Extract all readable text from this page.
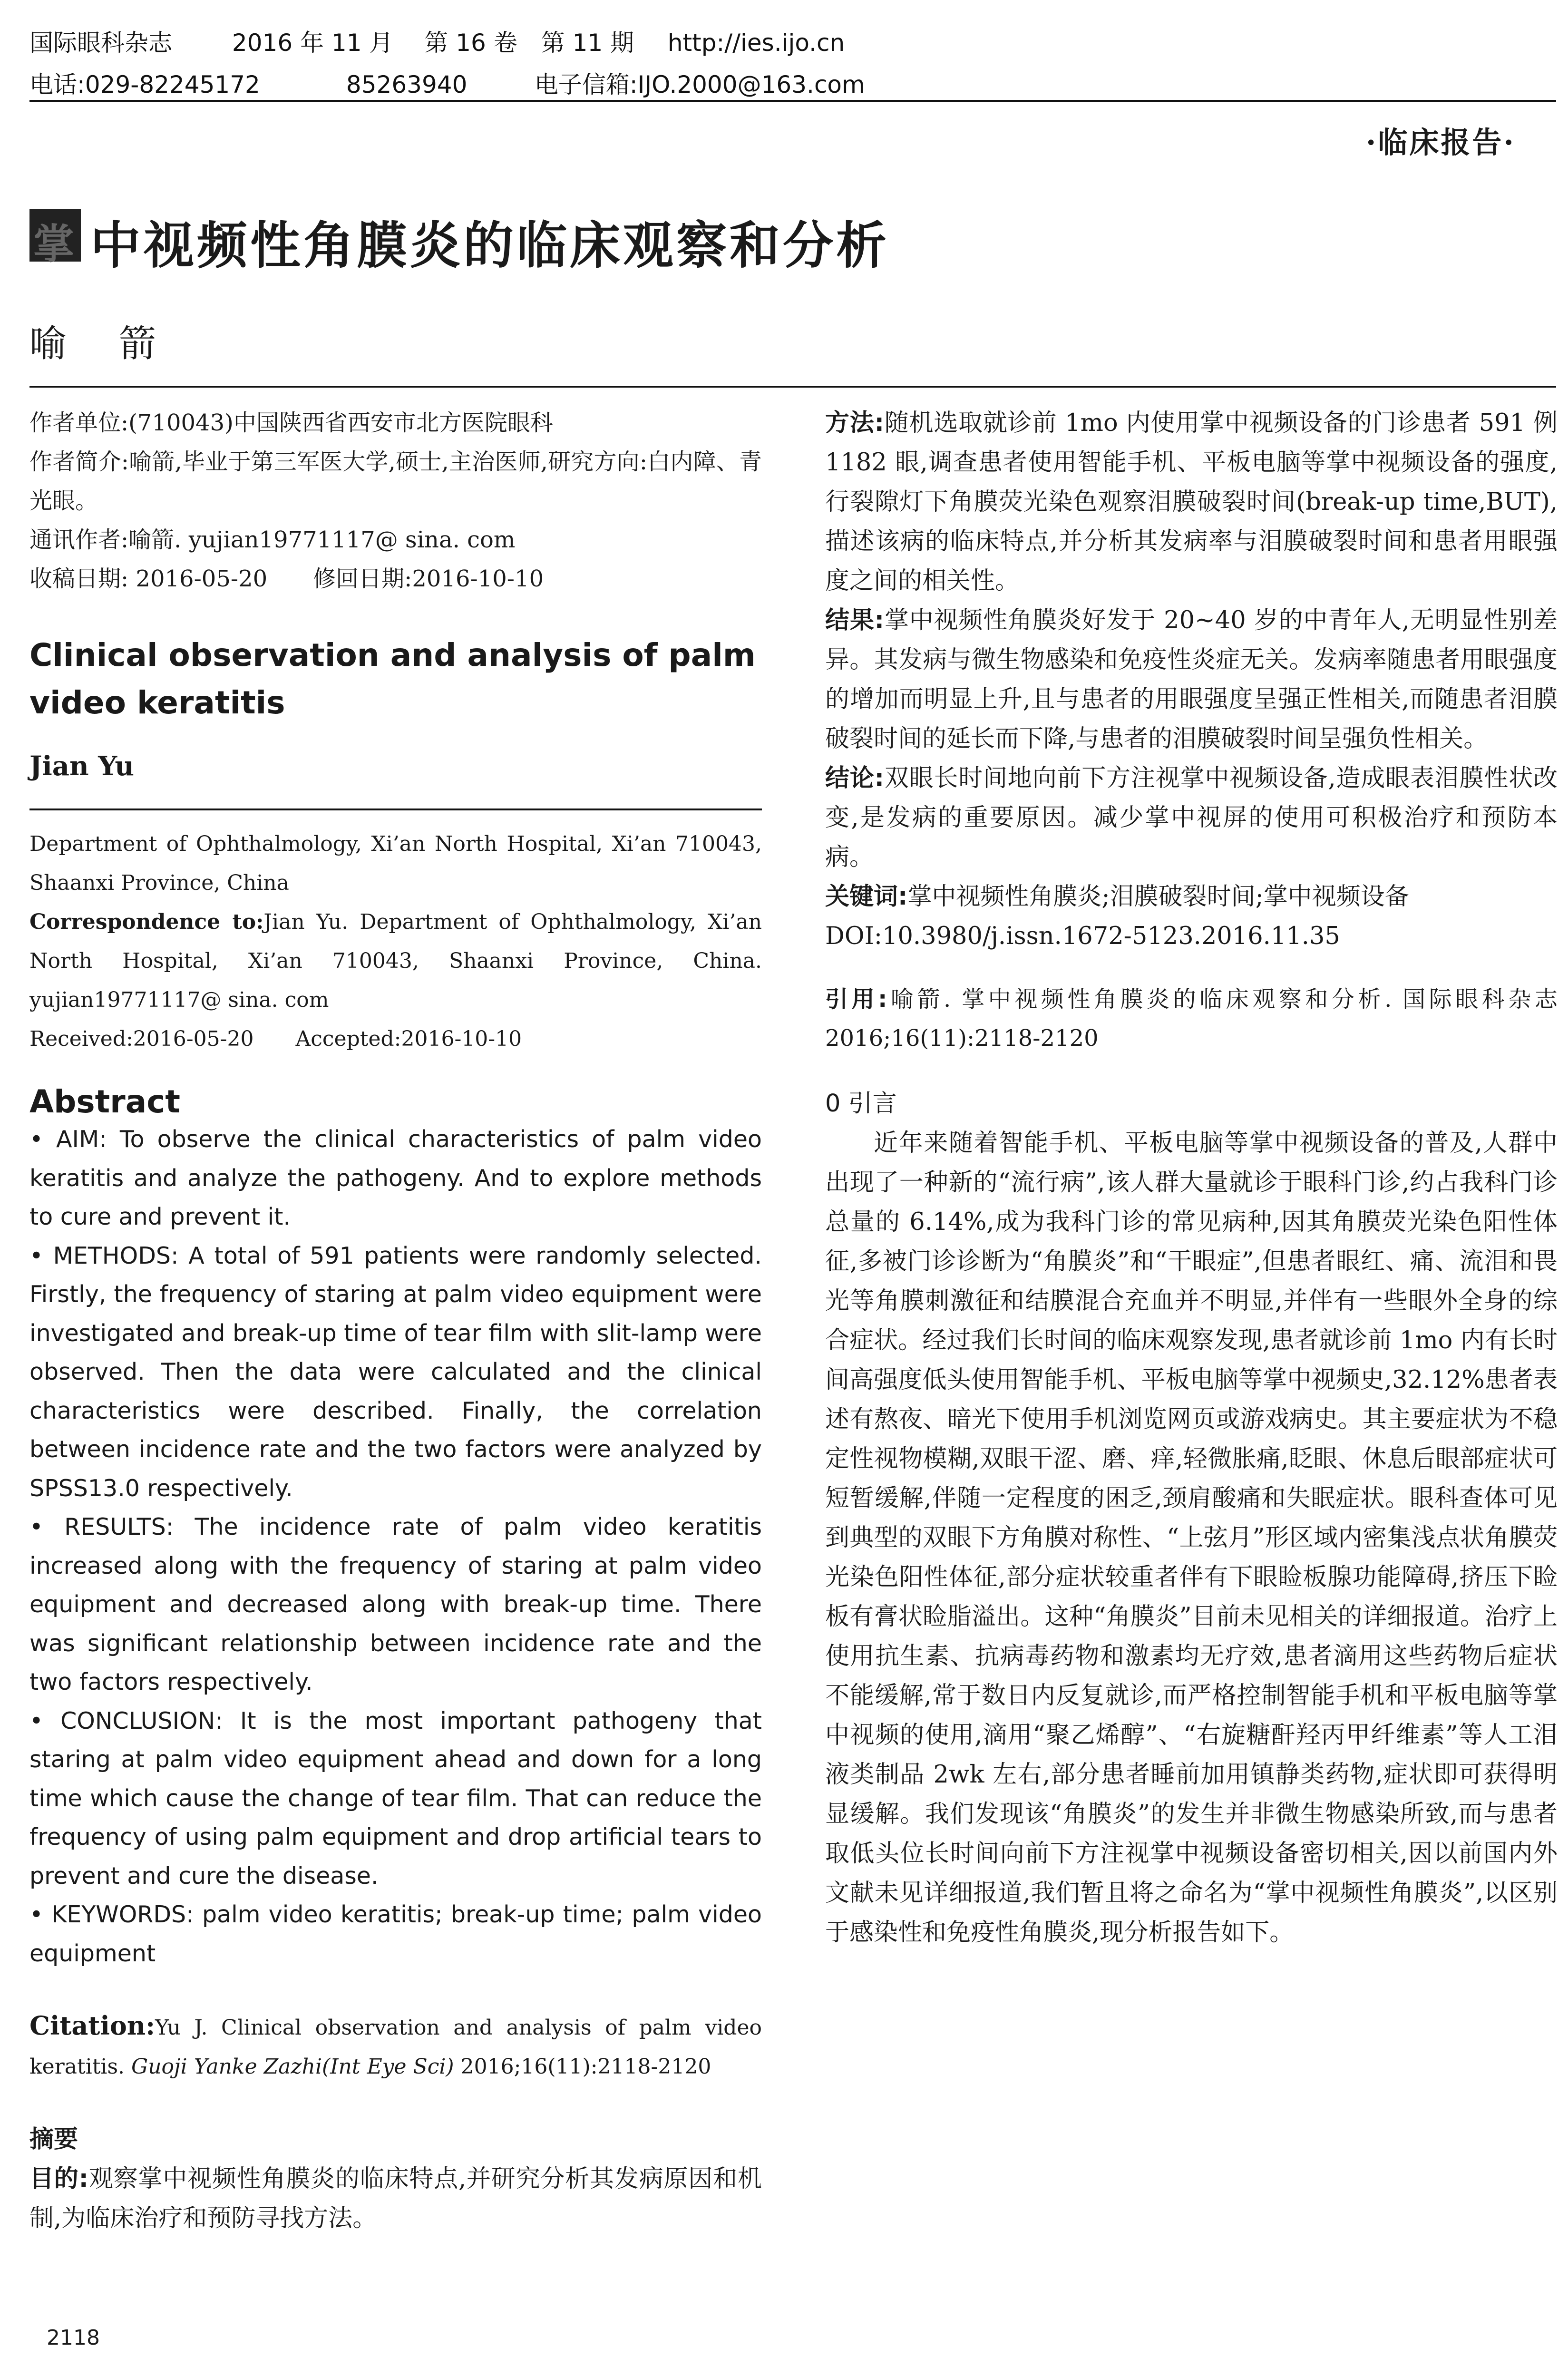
国际眼科杂志	2016 年 11 月　 第 16 卷　第 11 期 http://ies.ijo.cn
电话:029-82245172	85263940	电子信箱:IJO.2000@163.com
·临床报告·
掌 中视频性角膜炎的临床观察和分析
喻箭

作者单位:(710043)中国陕西省西安市北方医院眼科

作者简介:喻箭,毕业于第三军医大学,硕士,主治医师,研究方向:白内障、青光眼。

通讯作者:喻箭. yujian19771117@ sina. com

收稿日期: 2016-05-20　　修回日期:2016-10-10

Clinical observation and analysis of palm video keratitis

Jian Yu

Department of Ophthalmology, Xi’an North Hospital, Xi’an 710043, Shaanxi Province, China

Correspondence to:Jian Yu. Department of Ophthalmology, Xi’an North Hospital, Xi’an 710043, Shaanxi Province, China. yujian19771117@ sina. com

Received:2016-05-20　　Accepted:2016-10-10

Abstract

• AIM: To observe the clinical characteristics of palm video keratitis and analyze the pathogeny. And to explore methods to cure and prevent it.

• METHODS: A total of 591 patients were randomly selected. Firstly, the frequency of staring at palm video equipment were investigated and break-up time of tear film with slit-lamp were observed. Then the data were calculated and the clinical characteristics were described. Finally, the correlation between incidence rate and the two factors were analyzed by SPSS13.0 respectively.

• RESULTS: The incidence rate of palm video keratitis increased along with the frequency of staring at palm video equipment and decreased along with break-up time. There was significant relationship between incidence rate and the two factors respectively.

• CONCLUSION: It is the most important pathogeny that staring at palm video equipment ahead and down for a long time which cause the change of tear film. That can reduce the frequency of using palm equipment and drop artificial tears to prevent and cure the disease.

• KEYWORDS: palm video keratitis; break-up time; palm video equipment

Citation:Yu J. Clinical observation and analysis of palm video keratitis. Guoji Yanke Zazhi(Int Eye Sci) 2016;16(11):2118-2120

摘要

目的:观察掌中视频性角膜炎的临床特点,并研究分析其发病原因和机制,为临床治疗和预防寻找方法。

方法:随机选取就诊前 1mo 内使用掌中视频设备的门诊患者 591 例 1182 眼,调查患者使用智能手机、平板电脑等掌中视频设备的强度,行裂隙灯下角膜荧光染色观察泪膜破裂时间(break-up time,BUT),描述该病的临床特点,并分析其发病率与泪膜破裂时间和患者用眼强度之间的相关性。

结果:掌中视频性角膜炎好发于 20~40 岁的中青年人,无明显性别差异。其发病与微生物感染和免疫性炎症无关。发病率随患者用眼强度的增加而明显上升,且与患者的用眼强度呈强正性相关,而随患者泪膜破裂时间的延长而下降,与患者的泪膜破裂时间呈强负性相关。

结论:双眼长时间地向前下方注视掌中视频设备,造成眼表泪膜性状改变,是发病的重要原因。减少掌中视屏的使用可积极治疗和预防本病。

关键词:掌中视频性角膜炎;泪膜破裂时间;掌中视频设备

DOI:10.3980/j.issn.1672-5123.2016.11.35

引用:喻箭. 掌中视频性角膜炎的临床观察和分析. 国际眼科杂志 2016;16(11):2118-2120

0 引言

近年来随着智能手机、平板电脑等掌中视频设备的普及,人群中出现了一种新的“流行病”,该人群大量就诊于眼科门诊,约占我科门诊总量的 6.14%,成为我科门诊的常见病种,因其角膜荧光染色阳性体征,多被门诊诊断为“角膜炎”和“干眼症”,但患者眼红、痛、流泪和畏光等角膜刺激征和结膜混合充血并不明显,并伴有一些眼外全身的综合症状。经过我们长时间的临床观察发现,患者就诊前 1mo 内有长时间高强度低头使用智能手机、平板电脑等掌中视频史,32.12%患者表述有熬夜、暗光下使用手机浏览网页或游戏病史。其主要症状为不稳定性视物模糊,双眼干涩、磨、痒,轻微胀痛,眨眼、休息后眼部症状可短暂缓解,伴随一定程度的困乏,颈肩酸痛和失眠症状。眼科查体可见到典型的双眼下方角膜对称性、“上弦月”形区域内密集浅点状角膜荧光染色阳性体征,部分症状较重者伴有下眼睑板腺功能障碍,挤压下睑板有膏状睑脂溢出。这种“角膜炎”目前未见相关的详细报道。治疗上使用抗生素、抗病毒药物和激素均无疗效,患者滴用这些药物后症状不能缓解,常于数日内反复就诊,而严格控制智能手机和平板电脑等掌中视频的使用,滴用“聚乙烯醇”、“右旋糖酐羟丙甲纤维素”等人工泪液类制品 2wk 左右,部分患者睡前加用镇静类药物,症状即可获得明显缓解。我们发现该“角膜炎”的发生并非微生物感染所致,而与患者取低头位长时间向前下方注视掌中视频设备密切相关,因以前国内外文献未见详细报道,我们暂且将之命名为“掌中视频性角膜炎”,以区别于感染性和免疫性角膜炎,现分析报告如下。

2118
